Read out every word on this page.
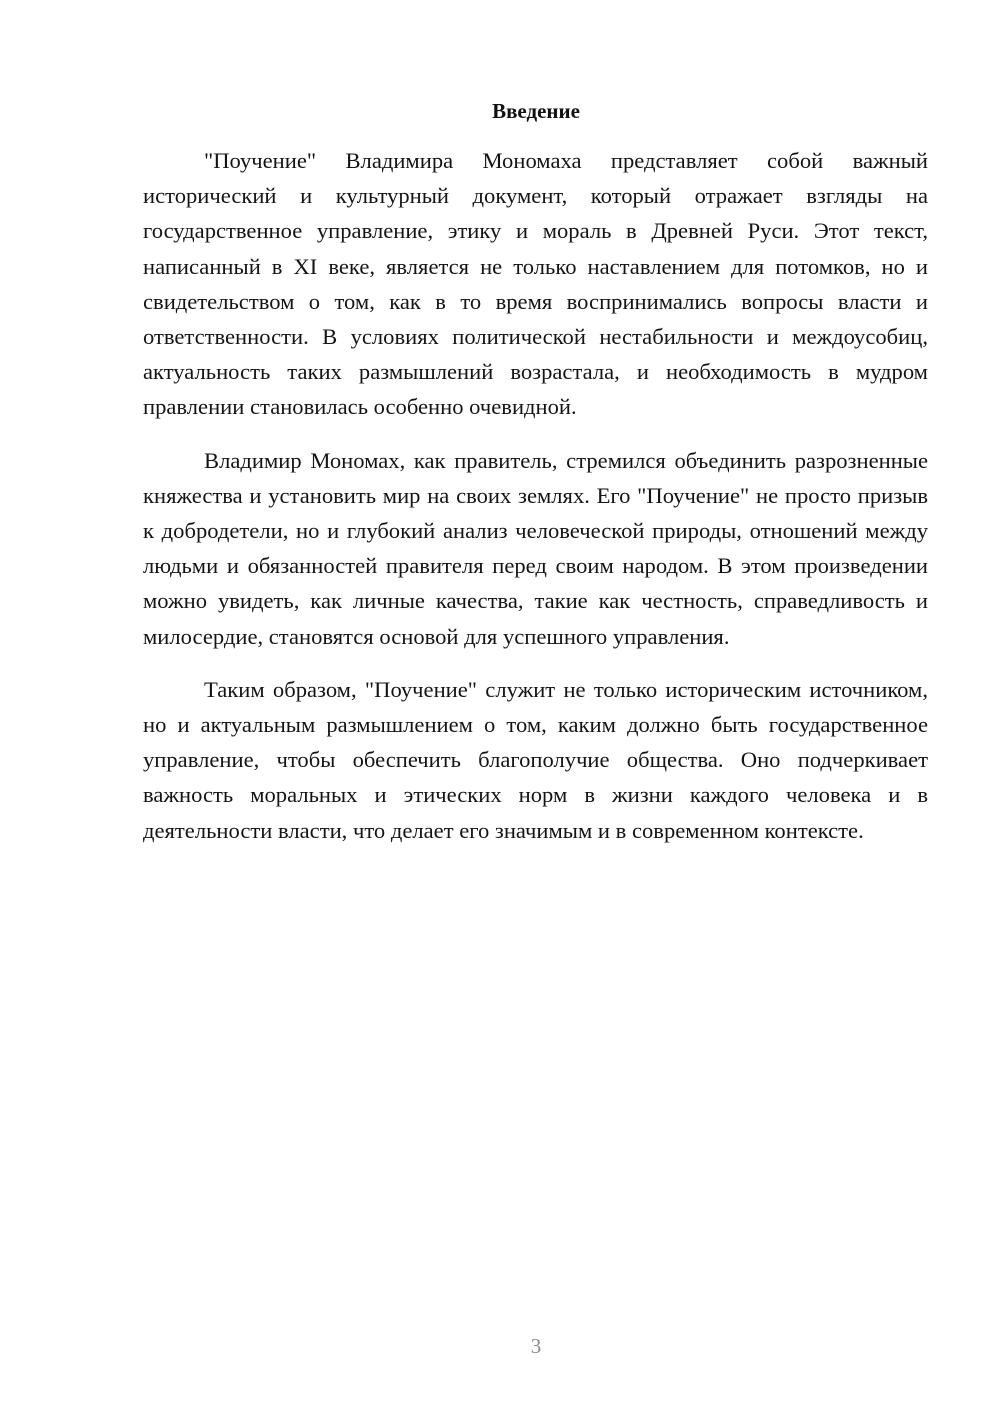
Введение

"Поучение" Владимира Мономаха представляет собой важный исторический и культурный документ, который отражает взгляды на государственное управление, этику и мораль в Древней Руси. Этот текст, написанный в XI веке, является не только наставлением для потомков, но и свидетельством о том, как в то время воспринимались вопросы власти и ответственности. В условиях политической нестабильности и междоусобиц, актуальность таких размышлений возрастала, и необходимость в мудром правлении становилась особенно очевидной.

Владимир Мономах, как правитель, стремился объединить разрозненные княжества и установить мир на своих землях. Его "Поучение" не просто призыв к добродетели, но и глубокий анализ человеческой природы, отношений между людьми и обязанностей правителя перед своим народом. В этом произведении можно увидеть, как личные качества, такие как честность, справедливость и милосердие, становятся основой для успешного управления.

Таким образом, "Поучение" служит не только историческим источником, но и актуальным размышлением о том, каким должно быть государственное управление, чтобы обеспечить благополучие общества. Оно подчеркивает важность моральных и этических норм в жизни каждого человека и в деятельности власти, что делает его значимым и в современном контексте.

3
